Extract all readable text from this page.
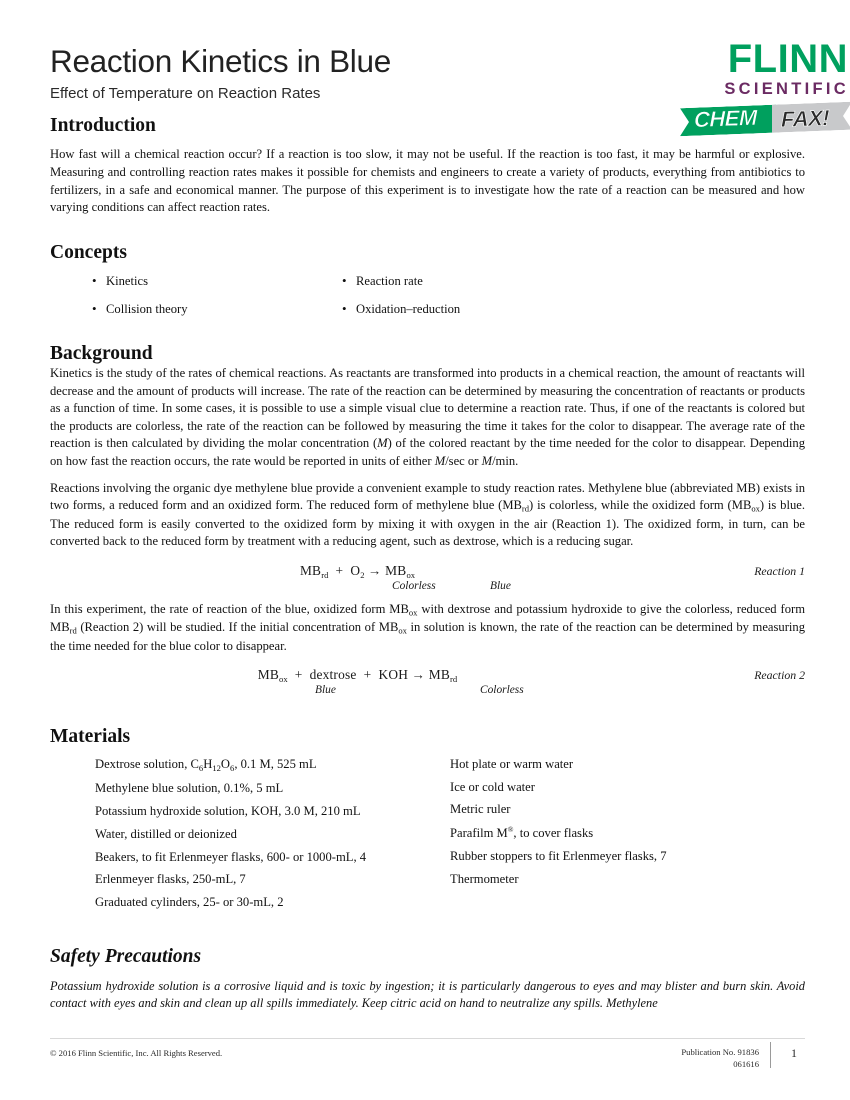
Reaction Kinetics in Blue
Effect of Temperature on Reaction Rates
Introduction

How fast will a chemical reaction occur? If a reaction is too slow, it may not be useful. If the reaction is too fast, it may be harmful or explosive. Measuring and controlling reaction rates makes it possible for chemists and engineers to create a variety of products, everything from antibiotics to fertilizers, in a safe and economical manner. The purpose of this experiment is to investigate how the rate of a reaction can be measured and how varying conditions can affect reaction rates.

Concepts
• Kinetics	• Reaction rate
• Collision theory	• Oxidation–reduction
Background

Kinetics is the study of the rates of chemical reactions. As reactants are transformed into products in a chemical reaction, the amount of reactants will decrease and the amount of products will increase. The rate of the reaction can be determined by measuring the concentration of reactants or products as a function of time. In some cases, it is possible to use a simple visual clue to determine a reaction rate. Thus, if one of the reactants is colored but the products are colorless, the rate of the reaction can be followed by measuring the time it takes for the color to disappear. The average rate of the reaction is then calculated by dividing the molar concentration (M) of the colored reactant by the time needed for the color to disappear. Depending on how fast the reaction occurs, the rate would be reported in units of either M/sec or M/min.

Reactions involving the organic dye methylene blue provide a convenient example to study reaction rates. Methylene blue (abbreviated MB) exists in two forms, a reduced form and an oxidized form. The reduced form of methylene blue $(MB_{rd})$ is colorless, while the oxidized form $(MB_{ox})$ is blue. The reduced form is easily converted to the oxidized form by mixing it with oxygen in the air (Reaction 1). The oxidized form, in turn, can be converted back to the reduced form by treatment with a reducing agent, such as dextrose, which is a reducing sugar.

$MB_{rd} + O_2 \to MB_{ox}$
Colorless	Blue
Reaction 1

In this experiment, the rate of reaction of the blue, oxidized form $MB_{ox}$ with dextrose and potassium hydroxide to give the colorless, reduced form $MB_{rd}$ (Reaction 2) will be studied. If the initial concentration of $MB_{ox}$ in solution is known, the rate of the reaction can be determined by measuring the time needed for the blue color to disappear.

$MB_{ox}$  +  dextrose  +  KOH → $MB_{rd}$
Blue	Colorless
Reaction 2
Materials
Dextrose solution, $C_6H_{12}O_6$, 0.1 M, 525 mL
Methylene blue solution, 0.1%, 5 mL
Potassium hydroxide solution, KOH, 3.0 M, 210 mL
Water, distilled or deionized
Beakers, to fit Erlenmeyer flasks, 600- or 1000-mL, 4
Erlenmeyer flasks, 250-mL, 7
Graduated cylinders, 25- or 30-mL, 2
Hot plate or warm water
Ice or cold water
Metric ruler
Parafilm M®, to cover flasks
Rubber stoppers to fit Erlenmeyer flasks, 7
Thermometer
Safety Precautions
Potassium hydroxide solution is a corrosive liquid and is toxic by ingestion; it is particularly dangerous to eyes and may blister and burn skin. Avoid contact with eyes and skin and clean up all spills immediately. Keep citric acid on hand to neutralize any spills. Methylene
FLINN
SCIENTIFIC
CHEM FAX!
© 2016 Flinn Scientific, Inc. All Rights Reserved.	Publication No. 91836
061616
1
